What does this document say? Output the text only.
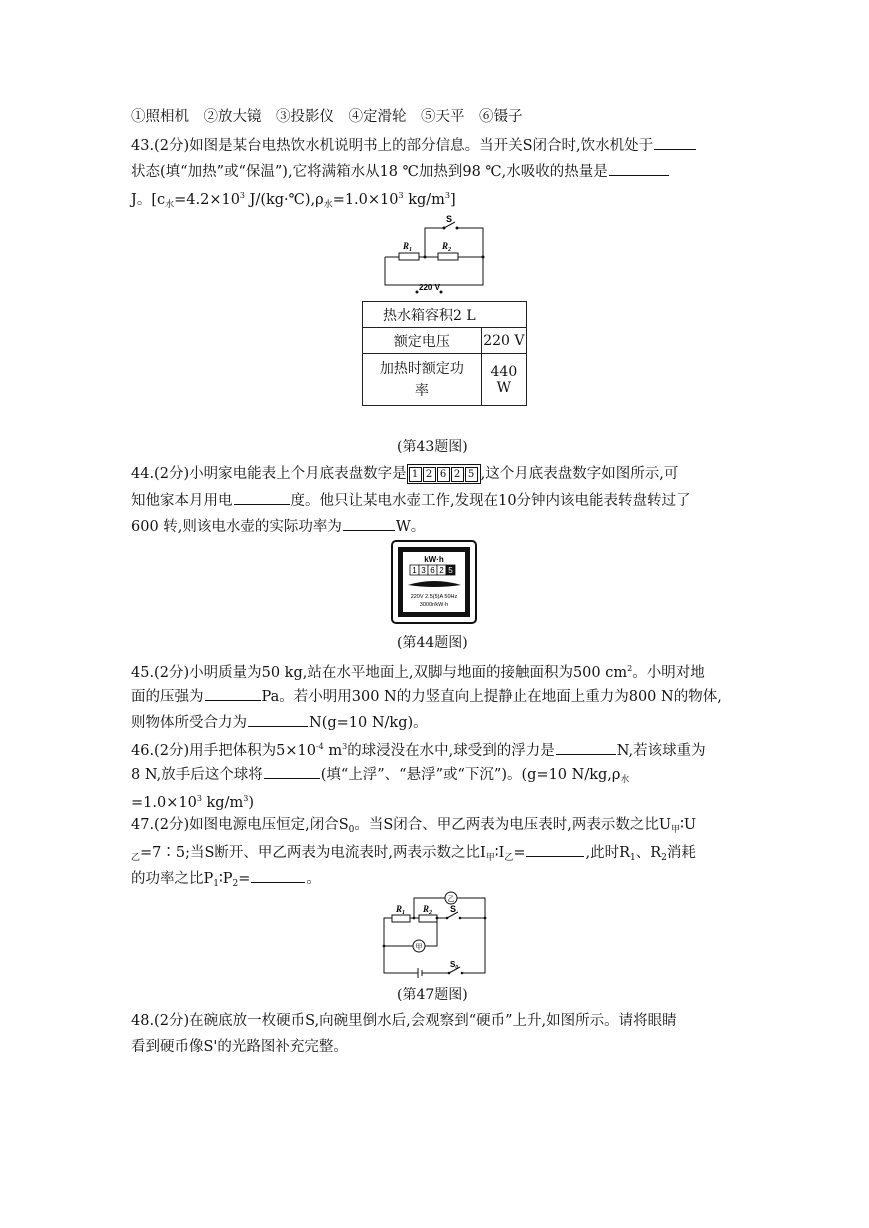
①照相机　②放大镜　③投影仪　④定滑轮　⑤天平　⑥镊子
43.(2分)如图是某台电热饮水机说明书上的部分信息。当开关S闭合时,饮水机处于
状态(填“加热”或“保温”),它将满箱水从18 ℃加热到98 ℃,水吸收的热量是
J。[$c_水=4.2\times 10^3$ $J/(kg\cdot℃),\rho_水=1.0\times 10^3$ $kg/m^3$]
S
$R_1$	$R_2$
220 V
热水箱容积2 L	
额定电压	220 V
加热时额定功
率	440 W
(第43题图)
44.(2分)小明家电能表上个月底表盘数字是 1 2 6 2 5 ,这个月底表盘数字如图所示,可
知他家本月用电	度。他只让某电水壶工作,发现在10分钟内该电能表转盘转过了
600 转,则该电水壶的实际功率为	W。
kW·h
1 3 6 2 5
220V 2.5(5)A 50Hz
3000r/kW·h
(第44题图)
45.(2分)小明质量为50 kg,站在水平地面上,双脚与地面的接触面积为500 $cm^2$。小明对地
面的压强为	Pa。若小明用300 N的力竖直向上提静止在地面上重力为800 N的物体,
则物体所受合力为	N(g=10 N/kg)。
46.(2分)用手把体积为$5\times 10^{-4}$ $m^3$的球浸没在水中,球受到的浮力是	N,若该球重为
8 N,放手后这个球将	(填“上浮”、“悬浮”或“下沉”)。(g=10 $N/kg,\rho_水$
$=1.0\times 10^3$ $kg/m^3$)
47.(2分)如图电源电压恒定,闭合$S_0$。当S闭合、甲乙两表为电压表时,两表示数之比$U_甲∶U$
$_乙$=7∶5;当S断开、甲乙两表为电流表时,两表示数之比$I_甲∶I_乙=$	,此时$R_1$、$R_2$消耗
的功率之比$P_1∶P_2=$	。
乙
甲
$R_1$ $R_2$ S
$S_0$
(第47题图)
48.(2分)在碗底放一枚硬币S,向碗里倒水后,会观察到“硬币”上升,如图所示。请将眼睛
看到硬币像S'的光路图补充完整。
